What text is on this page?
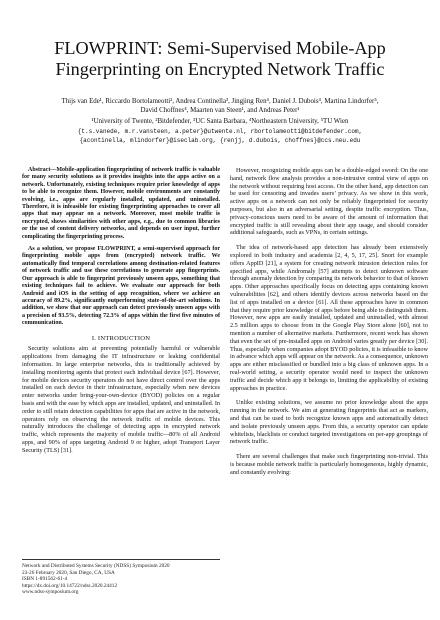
FLOWPRINT: Semi-Supervised Mobile-App
Fingerprinting on Encrypted Network Traffic
Thijs van Ede¹, Riccardo Bortolameotti², Andrea Continella³, Jingjing Ren⁴, Daniel J. Dubois⁴, Martina Lindorfer⁵,
David Choffnes⁴, Maarten van Steen¹, and Andreas Peter¹
¹University of Twente, ²Bitdefender, ³UC Santa Barbara, ⁴Northeastern University, ⁵TU Wien
{t.s.vanede, m.r.vansteen, a.peter}@utwente.nl, rbortolameotti@bitdefender.com,
{acontinella, mlindorfer}@iseclab.org, {renjj, d.dubois, choffnes}@ccs.neu.edu

Abstract—Mobile-application fingerprinting of network traffic is valuable for many security solutions as it provides insights into the apps active on a network. Unfortunately, existing techniques require prior knowledge of apps to be able to recognize them. However, mobile environments are constantly evolving, i.e., apps are regularly installed, updated, and uninstalled. Therefore, it is infeasible for existing fingerprinting approaches to cover all apps that may appear on a network. Moreover, most mobile traffic is encrypted, shows similarities with other apps, e.g., due to common libraries or the use of content delivery networks, and depends on user input, further complicating the fingerprinting process.

As a solution, we propose FLOWPRINT, a semi-supervised approach for fingerprinting mobile apps from (encrypted) network traffic. We automatically find temporal correlations among destination-related features of network traffic and use these correlations to generate app fingerprints. Our approach is able to fingerprint previously unseen apps, something that existing techniques fail to achieve. We evaluate our approach for both Android and iOS in the setting of app recognition, where we achieve an accuracy of 89.2%, significantly outperforming state-of-the-art solutions. In addition, we show that our approach can detect previously unseen apps with a precision of 93.5%, detecting 72.3% of apps within the first five minutes of communication.

I. INTRODUCTION

Security solutions aim at preventing potentially harmful or vulnerable applications from damaging the IT infrastructure or leaking confidential information. In large enterprise networks, this is traditionally achieved by installing monitoring agents that protect each individual device [67]. However, for mobile devices security operators do not have direct control over the apps installed on each device in their infrastructure, especially when new devices enter networks under bring-your-own-device (BYOD) policies on a regular basis and with the ease by which apps are installed, updated, and uninstalled. In order to still retain detection capabilities for apps that are active in the network, operators rely on observing the network traffic of mobile devices. This naturally introduces the challenge of detecting apps in encrypted network traffic, which represents the majority of mobile traffic—80% of all Android apps, and 90% of apps targeting Android 9 or higher, adopt Transport Layer Security (TLS) [31].

Network and Distributed Systems Security (NDSS) Symposium 2020
23-26 February 2020, San Diego, CA, USA
ISBN 1-891562-61-4
https://dx.doi.org/10.14722/ndss.2020.24412
www.ndss-symposium.org

However, recognizing mobile apps can be a double-edged sword: On the one hand, network flow analysis provides a non-intrusive central view of apps on the network without requiring host access. On the other hand, app detection can be used for censoring and invades users’ privacy. As we show in this work, active apps on a network can not only be reliably fingerprinted for security purposes, but also in an adversarial setting, despite traffic encryption. Thus, privacy-conscious users need to be aware of the amount of information that encrypted traffic is still revealing about their app usage, and should consider additional safeguards, such as VPNs, in certain settings.

The idea of network-based app detection has already been extensively explored in both industry and academia [2, 4, 5, 17, 25]. Snort for example offers AppID [21], a system for creating network intrusion detection rules for specified apps, while Andromaly [57] attempts to detect unknown software through anomaly detection by comparing its network behavior to that of known apps. Other approaches specifically focus on detecting apps containing known vulnerabilities [62], and others identify devices across networks based on the list of apps installed on a device [61]. All these approaches have in common that they require prior knowledge of apps before being able to distinguish them. However, new apps are easily installed, updated and uninstalled, with almost 2.5 million apps to choose from in the Google Play Store alone [60], not to mention a number of alternative markets. Furthermore, recent work has shown that even the set of pre-installed apps on Android varies greatly per device [30]. Thus, especially when companies adopt BYOD policies, it is infeasible to know in advance which apps will appear on the network. As a consequence, unknown apps are either misclassified or bundled into a big class of unknown apps. In a real-world setting, a security operator would need to inspect the unknown traffic and decide which app it belongs to, limiting the applicability of existing approaches in practice.

Unlike existing solutions, we assume no prior knowledge about the apps running in the network. We aim at generating fingerprints that act as markers, and that can be used to both recognize known apps and automatically detect and isolate previously unseen apps. From this, a security operator can update whitelists, blacklists or conduct targeted investigations on per-app groupings of network traffic.

There are several challenges that make such fingerprinting non-trivial. This is because mobile network traffic is particularly homogeneous, highly dynamic, and constantly evolving:
